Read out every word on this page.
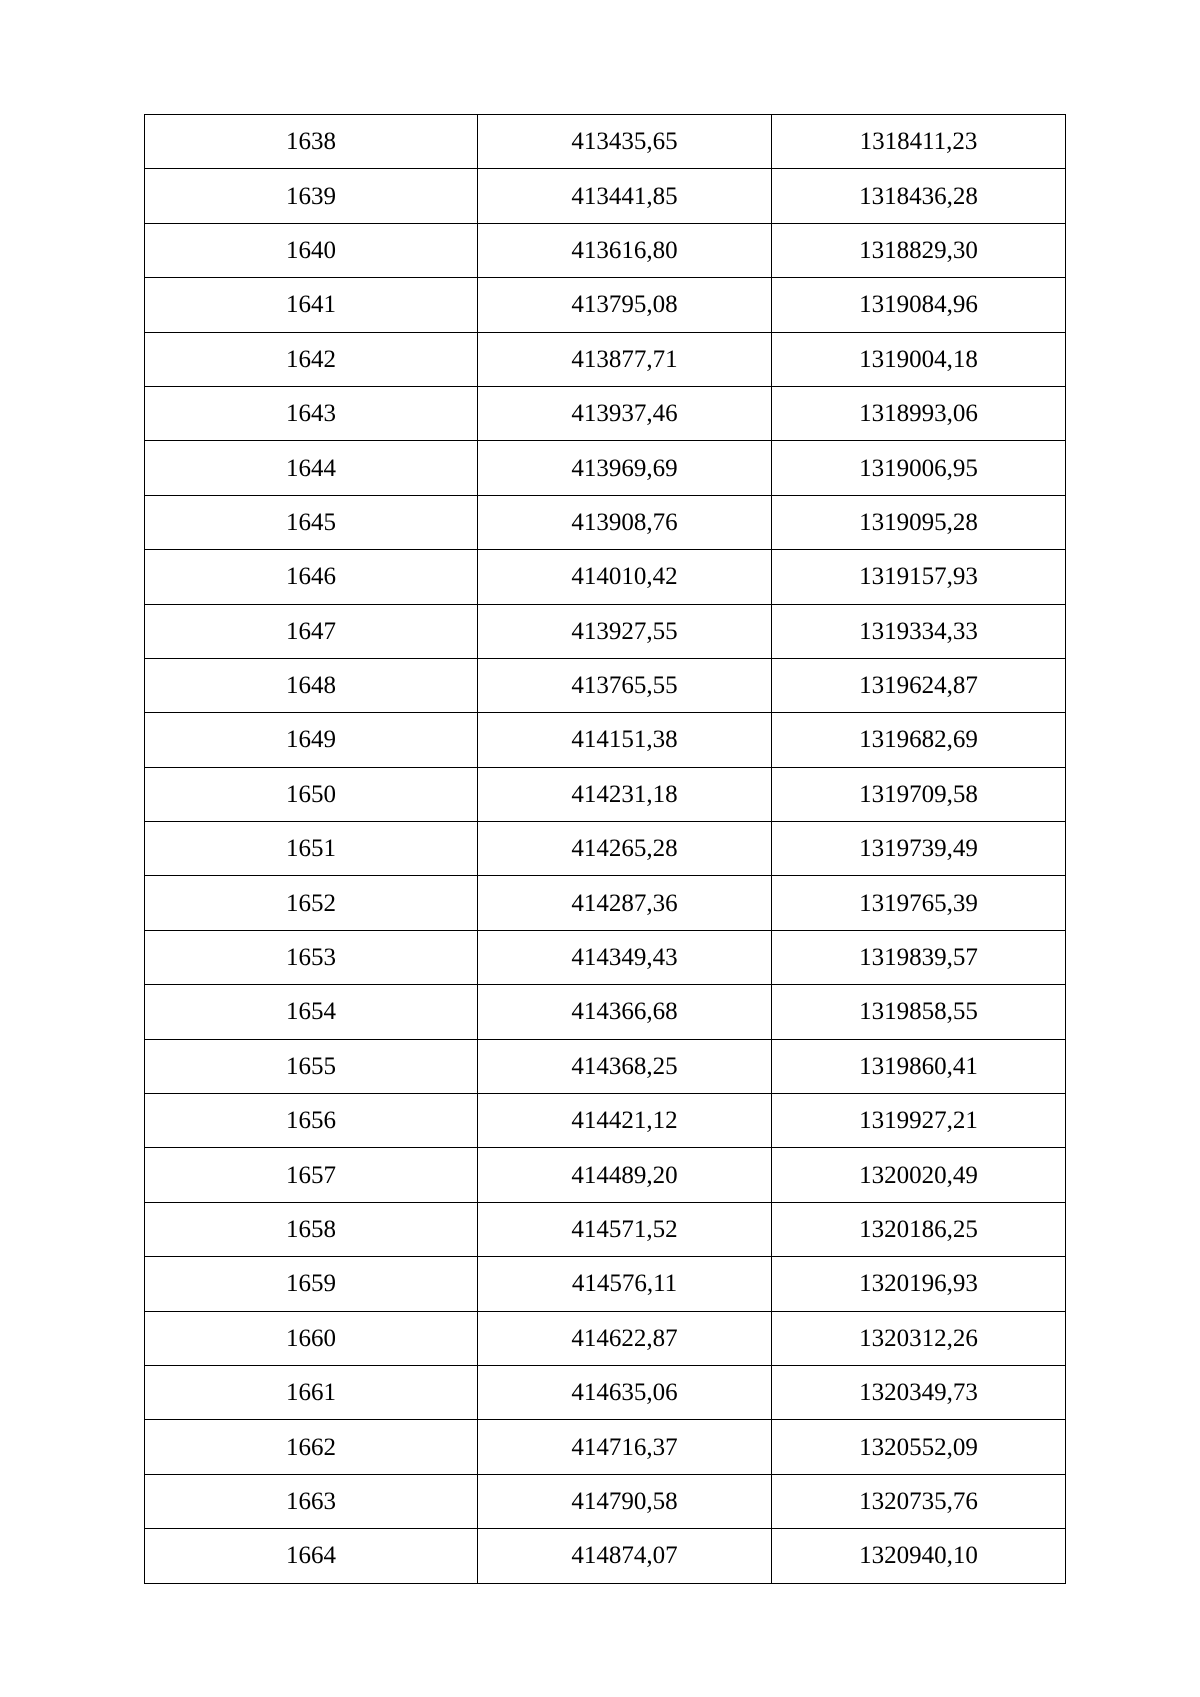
1638	413435,65	1318411,23
1639	413441,85	1318436,28
1640	413616,80	1318829,30
1641	413795,08	1319084,96
1642	413877,71	1319004,18
1643	413937,46	1318993,06
1644	413969,69	1319006,95
1645	413908,76	1319095,28
1646	414010,42	1319157,93
1647	413927,55	1319334,33
1648	413765,55	1319624,87
1649	414151,38	1319682,69
1650	414231,18	1319709,58
1651	414265,28	1319739,49
1652	414287,36	1319765,39
1653	414349,43	1319839,57
1654	414366,68	1319858,55
1655	414368,25	1319860,41
1656	414421,12	1319927,21
1657	414489,20	1320020,49
1658	414571,52	1320186,25
1659	414576,11	1320196,93
1660	414622,87	1320312,26
1661	414635,06	1320349,73
1662	414716,37	1320552,09
1663	414790,58	1320735,76
1664	414874,07	1320940,10
